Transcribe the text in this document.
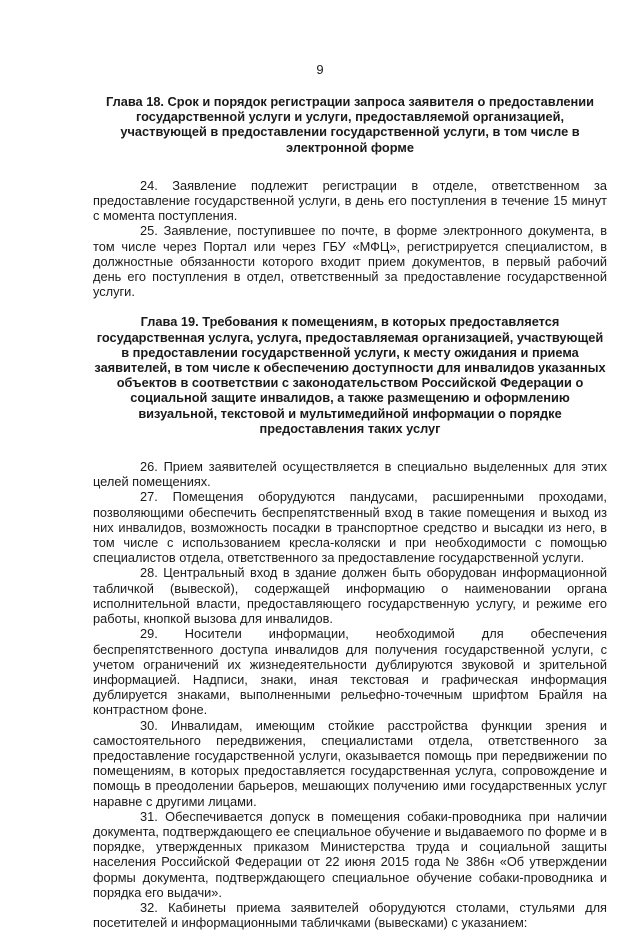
9

Глава 18. Срок и порядок регистрации запроса заявителя о предоставлении государственной услуги и услуги, предоставляемой организацией, участвующей в предоставлении государственной услуги, в том числе в электронной форме

24. Заявление подлежит регистрации в отделе, ответственном за предоставление государственной услуги, в день его поступления в течение 15 минут с момента поступления.

25. Заявление, поступившее по почте, в форме электронного документа, в том числе через Портал или через ГБУ «МФЦ», регистрируется специалистом, в должностные обязанности которого входит прием документов, в первый рабочий день его поступления в отдел, ответственный за предоставление государственной услуги.

Глава 19. Требования к помещениям, в которых предоставляется государственная услуга, услуга, предоставляемая организацией, участвующей в предоставлении государственной услуги, к месту ожидания и приема заявителей, в том числе к обеспечению доступности для инвалидов указанных объектов в соответствии с законодательством Российской Федерации о социальной защите инвалидов, а также размещению и оформлению визуальной, текстовой и мультимедийной информации о порядке предоставления таких услуг

26. Прием заявителей осуществляется в специально выделенных для этих целей помещениях.

27. Помещения оборудуются пандусами, расширенными проходами, позволяющими обеспечить беспрепятственный вход в такие помещения и выход из них инвалидов, возможность посадки в транспортное средство и высадки из него, в том числе с использованием кресла-коляски и при необходимости с помощью специалистов отдела, ответственного за предоставление государственной услуги.

28. Центральный вход в здание должен быть оборудован информационной табличкой (вывеской), содержащей информацию о наименовании органа исполнительной власти, предоставляющего государственную услугу, и режиме его работы, кнопкой вызова для инвалидов.

29. Носители информации, необходимой для обеспечения беспрепятственного доступа инвалидов для получения государственной услуги, с учетом ограничений их жизнедеятельности дублируются звуковой и зрительной информацией. Надписи, знаки, иная текстовая и графическая информация дублируется знаками, выполненными рельефно-точечным шрифтом Брайля на контрастном фоне.

30. Инвалидам, имеющим стойкие расстройства функции зрения и самостоятельного передвижения, специалистами отдела, ответственного за предоставление государственной услуги, оказывается помощь при передвижении по помещениям, в которых предоставляется государственная услуга, сопровождение и помощь в преодолении барьеров, мешающих получению ими государственных услуг наравне с другими лицами.

31. Обеспечивается допуск в помещения собаки-проводника при наличии документа, подтверждающего ее специальное обучение и выдаваемого по форме и в порядке, утвержденных приказом Министерства труда и социальной защиты населения Российской Федерации от 22 июня 2015 года № 386н «Об утверждении формы документа, подтверждающего специальное обучение собаки-проводника и порядка его выдачи».

32. Кабинеты приема заявителей оборудуются столами, стульями для посетителей и информационными табличками (вывесками) с указанием:
